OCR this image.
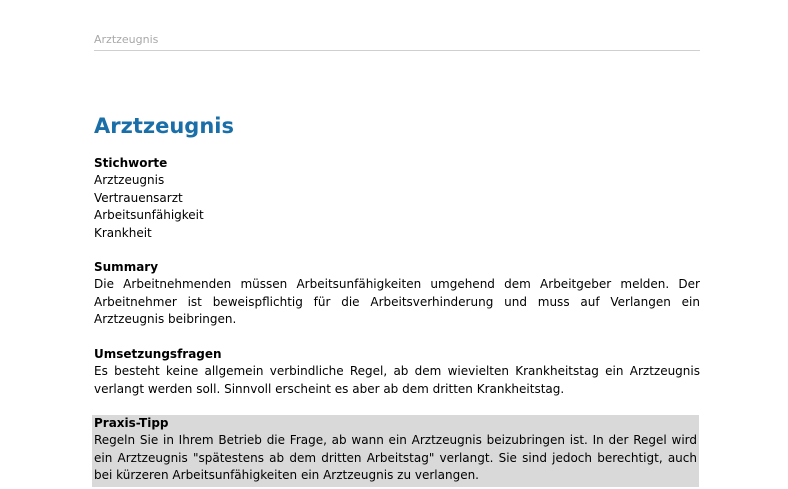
Arztzeugnis
Arztzeugnis
Stichworte
Arztzeugnis
Vertrauensarzt
Arbeitsunfähigkeit
Krankheit
Summary

Die Arbeitnehmenden müssen Arbeitsunfähigkeiten umgehend dem Arbeitgeber melden. Der Arbeitnehmer ist beweispflichtig für die Arbeitsverhinderung und muss auf Verlangen ein Arztzeugnis beibringen.

Umsetzungsfragen

Es besteht keine allgemein verbindliche Regel, ab dem wievielten Krankheitstag ein Arztzeugnis verlangt werden soll. Sinnvoll erscheint es aber ab dem dritten Krankheitstag.

Praxis-Tipp

Regeln Sie in Ihrem Betrieb die Frage, ab wann ein Arztzeugnis beizubringen ist. In der Regel wird ein Arztzeugnis "spätestens ab dem dritten Arbeitstag" verlangt. Sie sind jedoch berechtigt, auch bei kürzeren Arbeitsunfähigkeiten ein Arztzeugnis zu verlangen.
